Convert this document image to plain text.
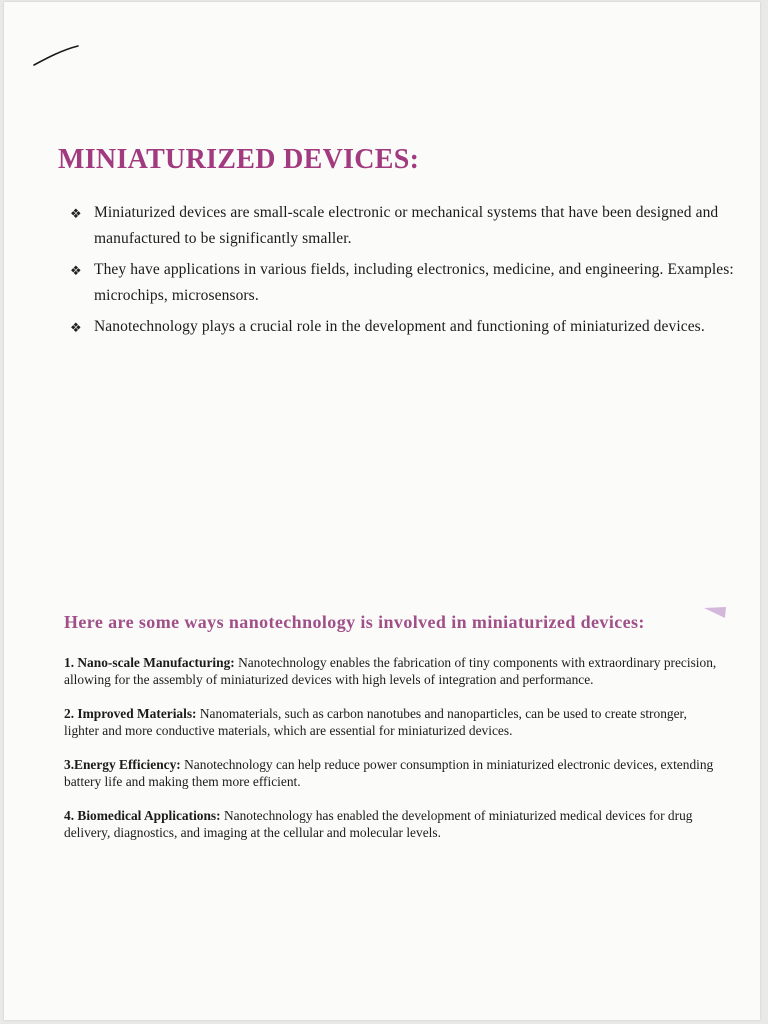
MINIATURIZED DEVICES:
❖ Miniaturized devices are small-scale electronic or mechanical systems that have been designed and manufactured to be significantly smaller.
❖ They have applications in various fields, including electronics, medicine, and engineering. Examples: microchips, microsensors.
❖ Nanotechnology plays a crucial role in the development and functioning of miniaturized devices.
Here are some ways nanotechnology is involved in miniaturized devices:

1. Nano-scale Manufacturing: Nanotechnology enables the fabrication of tiny components with extraordinary precision, allowing for the assembly of miniaturized devices with high levels of integration and performance.

2. Improved Materials: Nanomaterials, such as carbon nanotubes and nanoparticles, can be used to create stronger, lighter and more conductive materials, which are essential for miniaturized devices.

3.Energy Efficiency: Nanotechnology can help reduce power consumption in miniaturized electronic devices, extending battery life and making them more efficient.

4. Biomedical Applications: Nanotechnology has enabled the development of miniaturized medical devices for drug delivery, diagnostics, and imaging at the cellular and molecular levels.
